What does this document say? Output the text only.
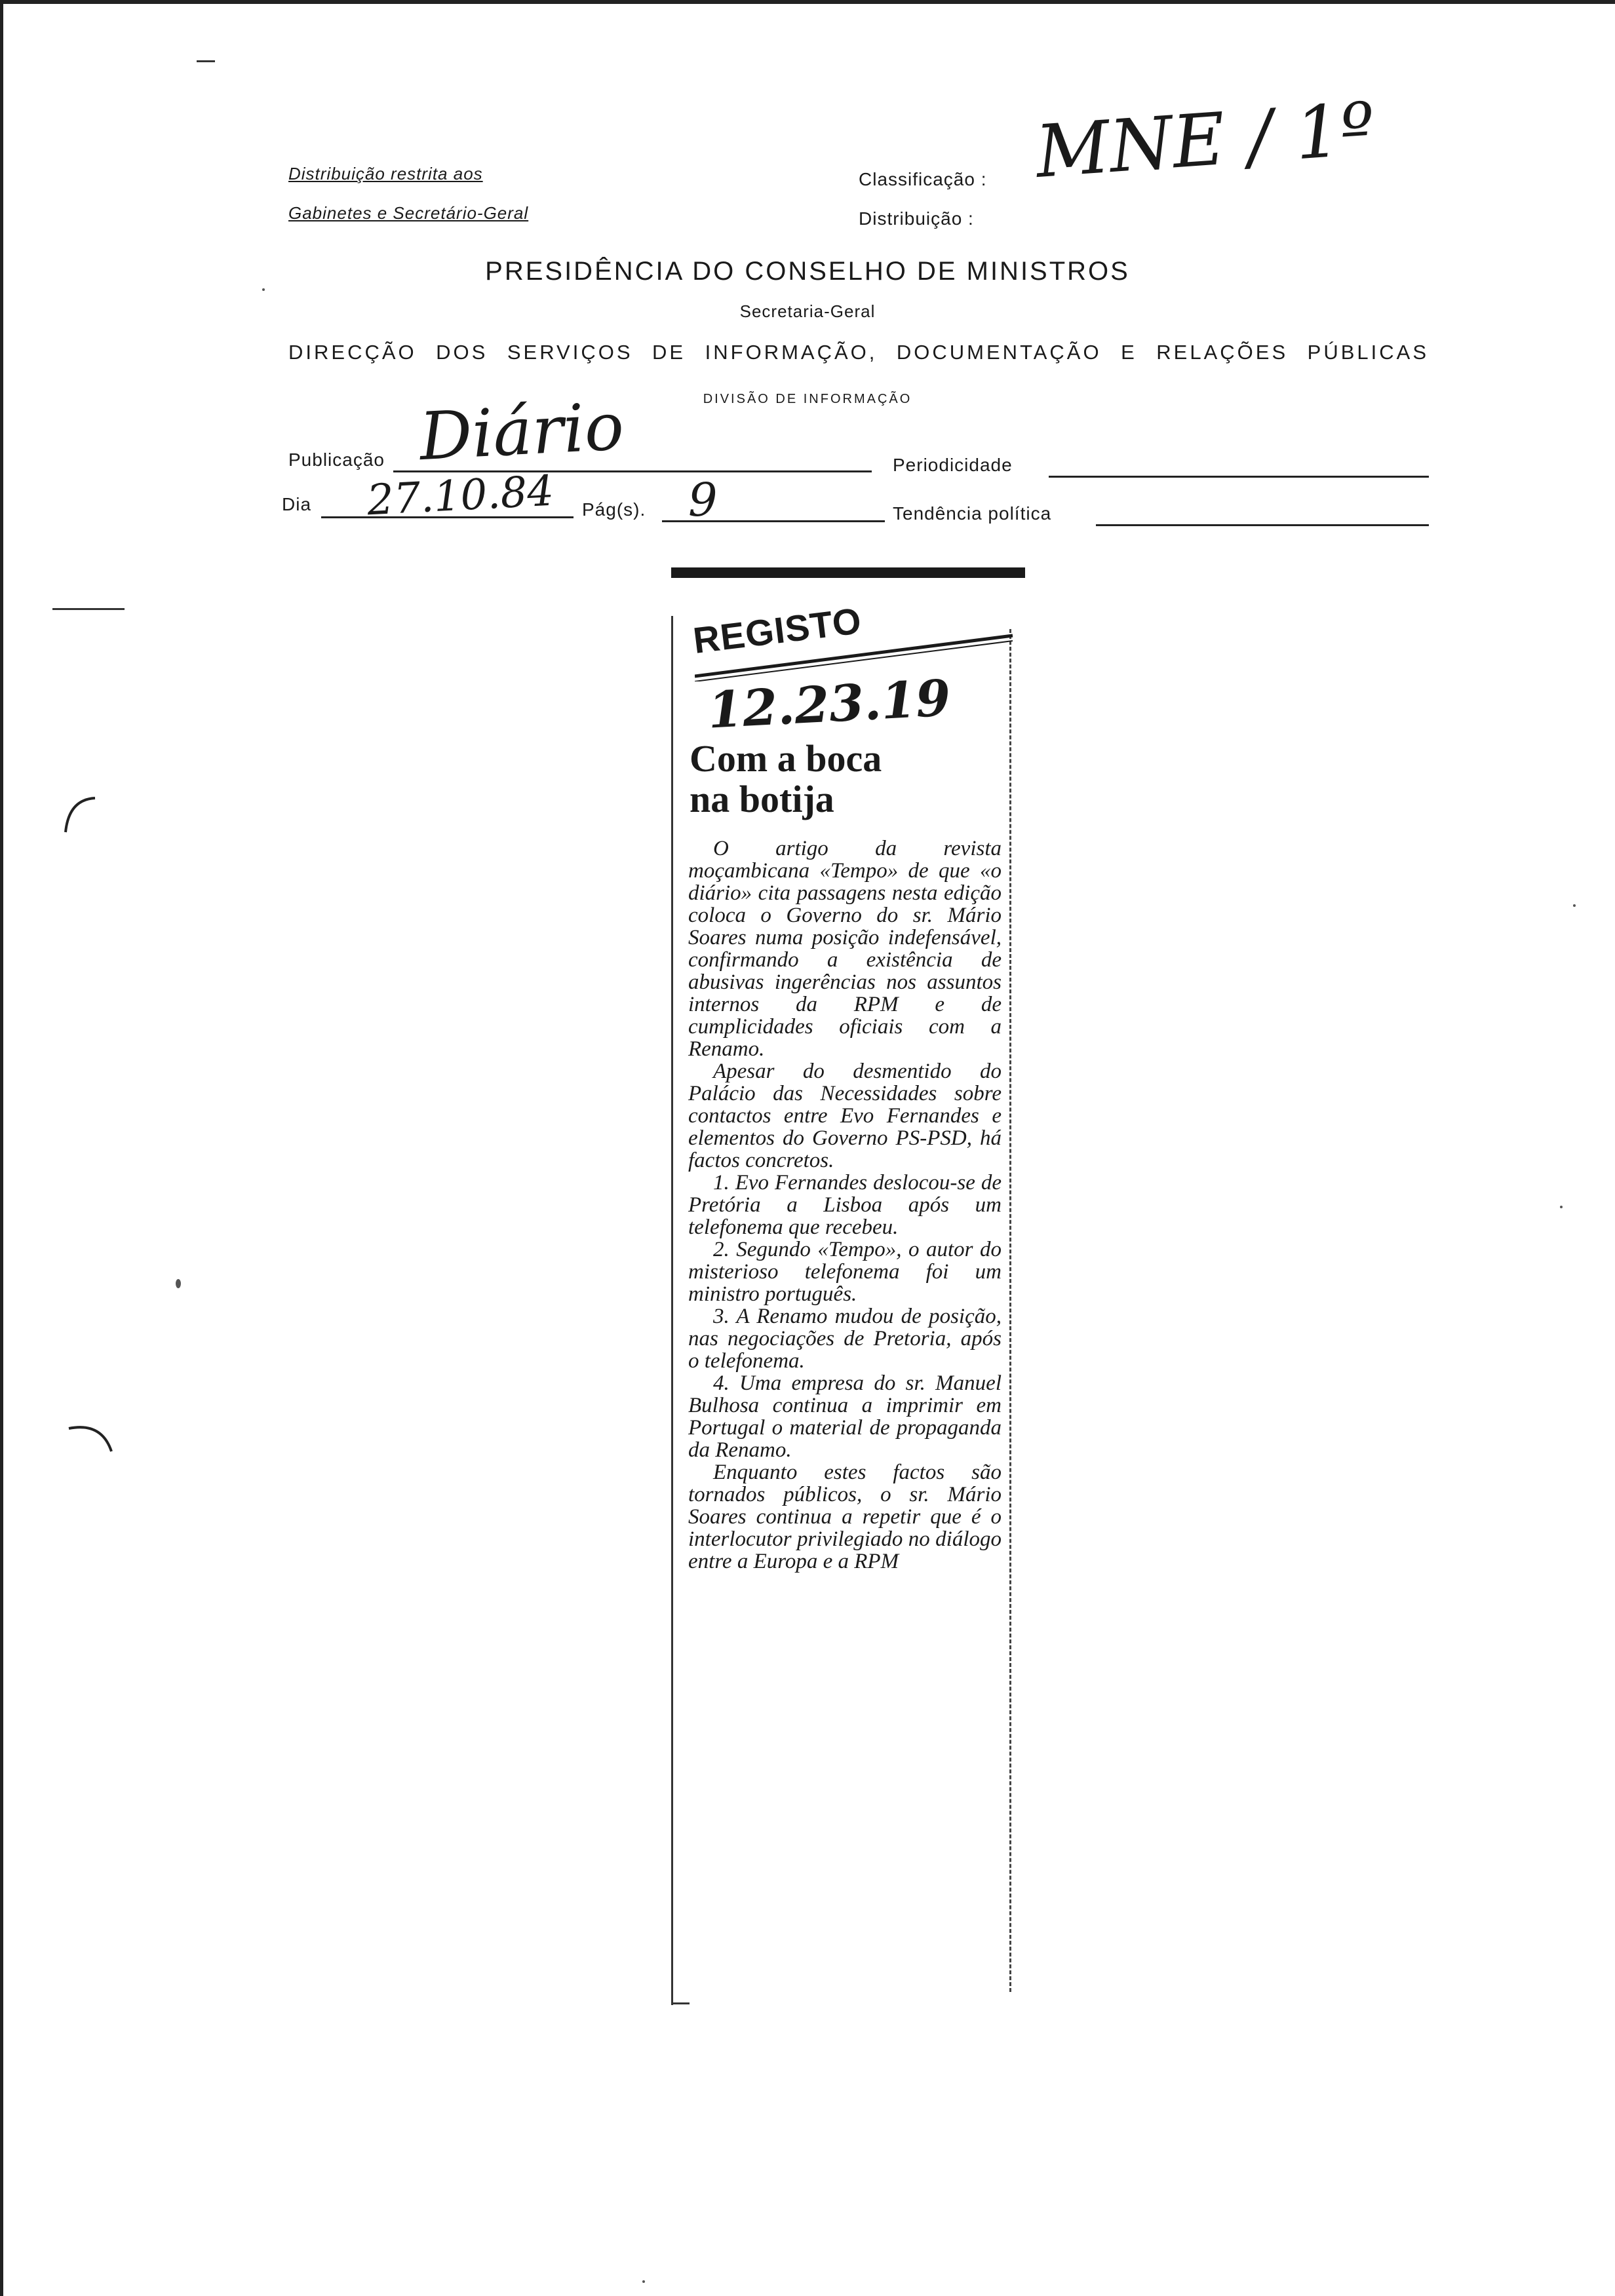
Distribuição restrita aos
Gabinetes e Secretário-Geral
Classificação :
Distribuição :
MNE / 1º
PRESIDÊNCIA DO CONSELHO DE MINISTROS
Secretaria-Geral
DIRECÇÃO DOS SERVIÇOS DE INFORMAÇÃO, DOCUMENTAÇÃO E RELAÇÕES PÚBLICAS
DIVISÃO DE INFORMAÇÃO
Publicação Diário	Periodicidade
Dia 27.10.84 Pág(s). 9	Tendência política
REGISTO
12.23.19
Com a boca
na botija

O artigo da revista moçambicana «Tempo» de que «o diário» cita passagens nesta edição coloca o Governo do sr. Mário Soares numa posição indefensável, confirmando a existência de abusivas ingerências nos assuntos internos da RPM e de cumplicidades oficiais com a Renamo.

Apesar do desmentido do Palácio das Necessidades sobre contactos entre Evo Fernandes e elementos do Governo PS-PSD, há factos concretos.

1. Evo Fernandes deslocou-se de Pretória a Lisboa após um telefonema que recebeu.

2. Segundo «Tempo», o autor do misterioso telefonema foi um ministro português.

3. A Renamo mudou de posição, nas negociações de Pretoria, após o telefonema.

4. Uma empresa do sr. Manuel Bulhosa continua a imprimir em Portugal o material de propaganda da Renamo.

Enquanto estes factos são tornados públicos, o sr. Mário Soares continua a repetir que é o interlocutor privilegiado no diálogo entre a Europa e a RPM
